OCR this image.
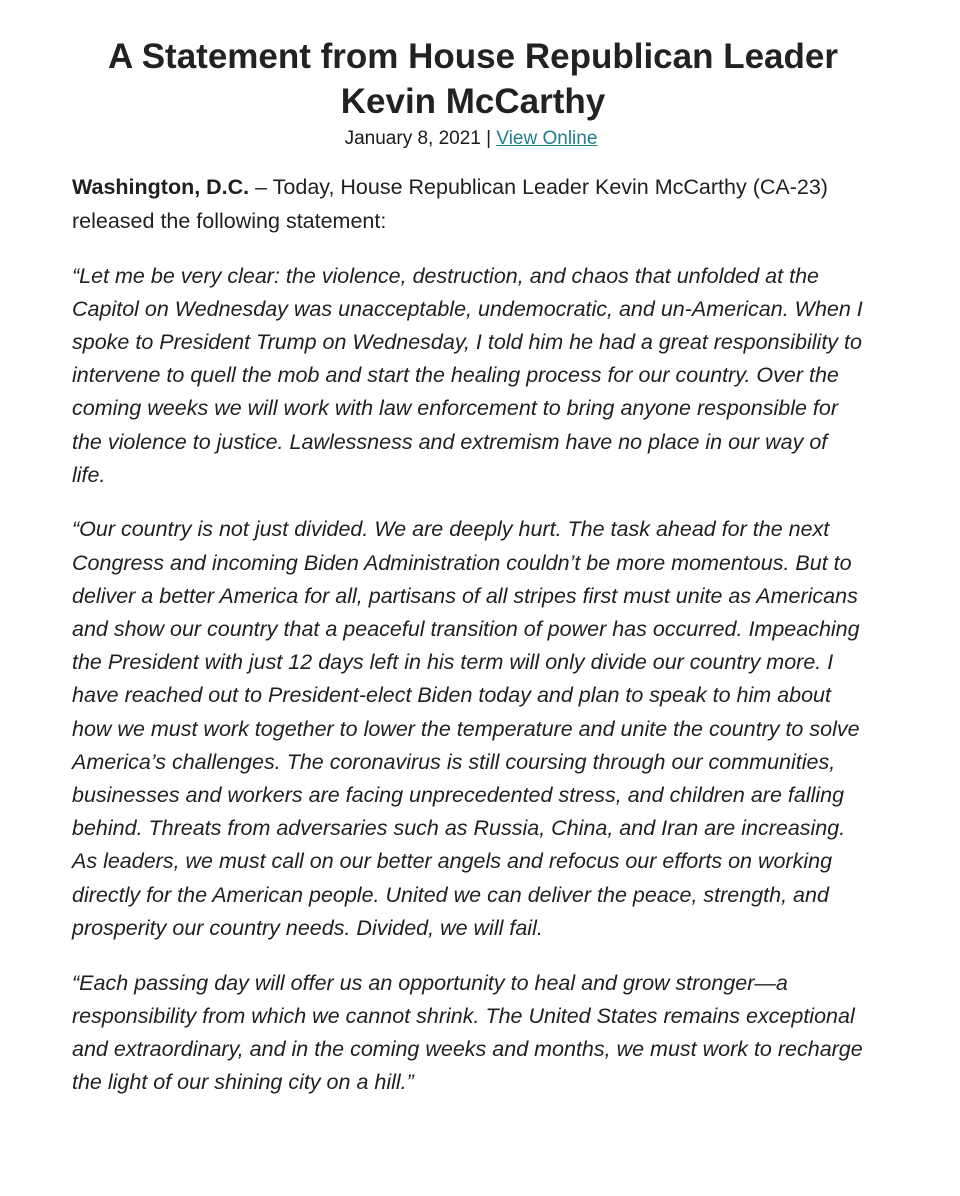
A Statement from House Republican Leader Kevin McCarthy
January 8, 2021 | View Online

Washington, D.C. – Today, House Republican Leader Kevin McCarthy (CA-23) released the following statement:

“Let me be very clear: the violence, destruction, and chaos that unfolded at the Capitol on Wednesday was unacceptable, undemocratic, and un-American. When I spoke to President Trump on Wednesday, I told him he had a great responsibility to intervene to quell the mob and start the healing process for our country. Over the coming weeks we will work with law enforcement to bring anyone responsible for the violence to justice. Lawlessness and extremism have no place in our way of life.

“Our country is not just divided. We are deeply hurt. The task ahead for the next Congress and incoming Biden Administration couldn’t be more momentous. But to deliver a better America for all, partisans of all stripes first must unite as Americans and show our country that a peaceful transition of power has occurred. Impeaching the President with just 12 days left in his term will only divide our country more. I have reached out to President-elect Biden today and plan to speak to him about how we must work together to lower the temperature and unite the country to solve America’s challenges. The coronavirus is still coursing through our communities, businesses and workers are facing unprecedented stress, and children are falling behind. Threats from adversaries such as Russia, China, and Iran are increasing. As leaders, we must call on our better angels and refocus our efforts on working directly for the American people. United we can deliver the peace, strength, and prosperity our country needs. Divided, we will fail.

“Each passing day will offer us an opportunity to heal and grow stronger—a responsibility from which we cannot shrink. The United States remains exceptional and extraordinary, and in the coming weeks and months, we must work to recharge the light of our shining city on a hill.”
